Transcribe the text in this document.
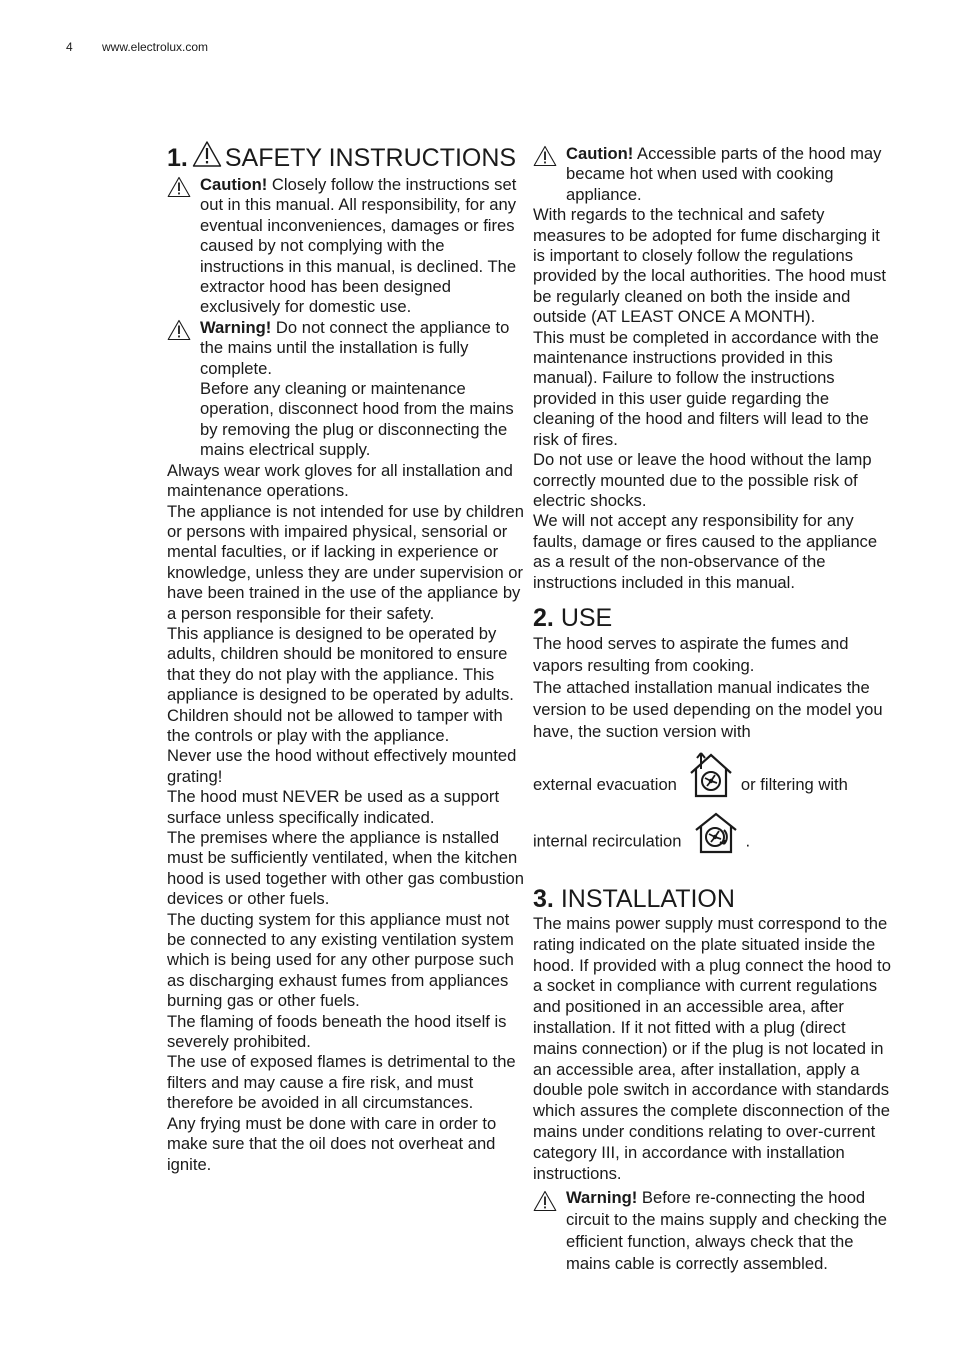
4 www.electrolux.com
1. SAFETY INSTRUCTIONS

Caution! Closely follow the instructions set out in this manual. All responsibility, for any eventual inconveniences, damages or fires caused by not complying with the instructions in this manual, is declined. The extractor hood has been designed exclusively for domestic use.

Warning! Do not connect the appliance to the mains until the installation is fully complete.

Before any cleaning or maintenance operation, disconnect hood from the mains by removing the plug or disconnecting the mains electrical supply.

Always wear work gloves for all installation and maintenance operations.

The appliance is not intended for use by children or persons with impaired physical, sensorial or mental faculties, or if lacking in experience or knowledge, unless they are under supervision or have been trained in the use of the appliance by a person responsible for their safety.

This appliance is designed to be operated by adults, children should be monitored to ensure that they do not play with the appliance. This appliance is designed to be operated by adults. Children should not be allowed to tamper with the controls or play with the appliance.

Never use the hood without effectively mounted grating!

The hood must NEVER be used as a support surface unless specifically indicated.

The premises where the appliance is nstalled must be sufficiently ventilated, when the kitchen hood is used together with other gas combustion devices or other fuels.

The ducting system for this appliance must not be connected to any existing ventilation system which is being used for any other purpose such as discharging exhaust fumes from appliances burning gas or other fuels.

The flaming of foods beneath the hood itself is severely prohibited.

The use of exposed flames is detrimental to the filters and may cause a fire risk, and must therefore be avoided in all circumstances.

Any frying must be done with care in order to make sure that the oil does not overheat and ignite.

Caution! Accessible parts of the hood may became hot when used with cooking appliance.

With regards to the technical and safety measures to be adopted for fume discharging it is important to closely follow the regulations provided by the local authorities. The hood must be regularly cleaned on both the inside and outside (AT LEAST ONCE A MONTH).

This must be completed in accordance with the maintenance instructions provided in this manual). Failure to follow the instructions provided in this user guide regarding the cleaning of the hood and filters will lead to the risk of fires.

Do not use or leave the hood without the lamp correctly mounted due to the possible risk of electric shocks.

We will not accept any responsibility for any faults, damage or fires caused to the appliance as a result of the non-observance of the instructions included in this manual.

2. USE

The hood serves to aspirate the fumes and vapors resulting from cooking.

The attached installation manual indicates the version to be used depending on the model you have, the suction version with

external evacuation	or filtering with

internal recirculation	.

3. INSTALLATION

The mains power supply must correspond to the rating indicated on the plate situated inside the hood. If provided with a plug connect the hood to a socket in compliance with current regulations and positioned in an accessible area, after installation. If it not fitted with a plug (direct mains connection) or if the plug is not located in an accessible area, after installation, apply a double pole switch in accordance with standards which assures the complete disconnection of the mains under conditions relating to over-current category III, in accordance with installation instructions.

Warning! Before re-connecting the hood circuit to the mains supply and checking the efficient function, always check that the mains cable is correctly assembled.
